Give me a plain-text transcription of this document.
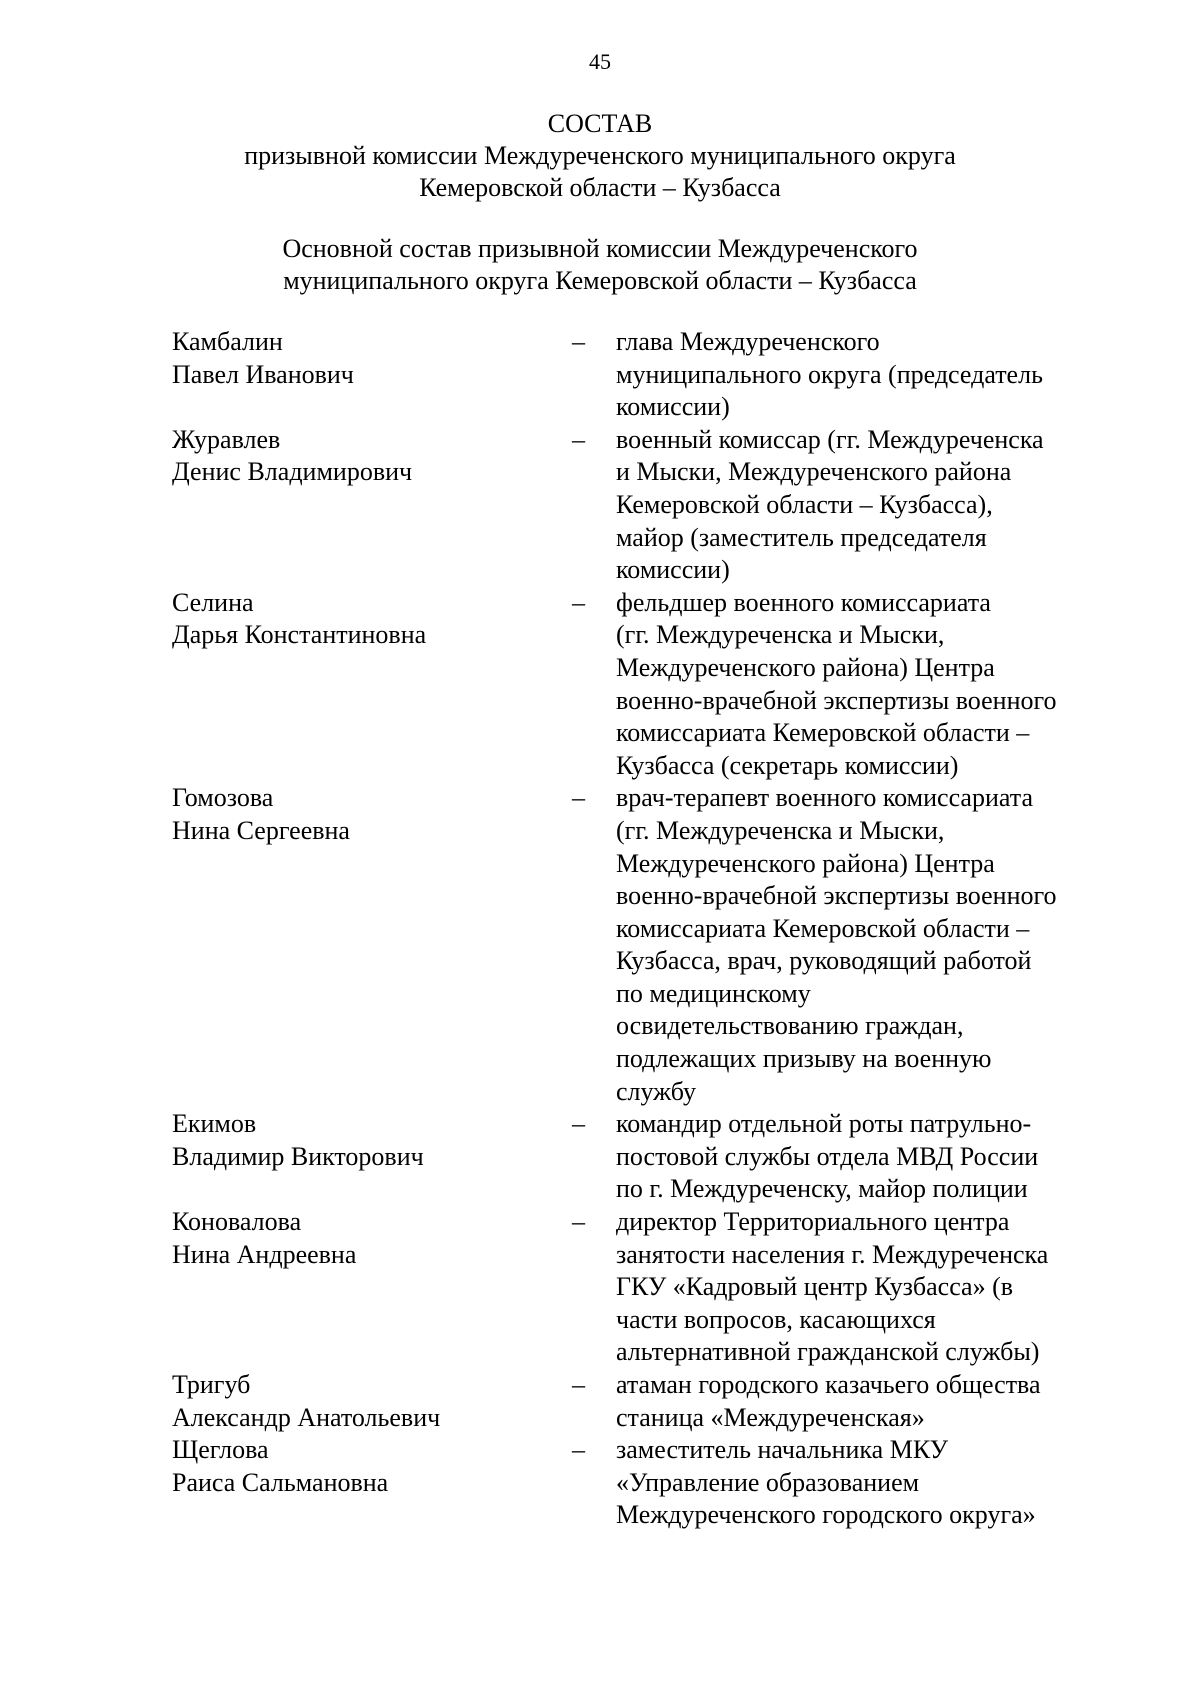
45
СОСТАВ
призывной комиссии Междуреченского муниципального округа
Кемеровской области – Кузбасса
Основной состав призывной комиссии Междуреченского
муниципального округа Кемеровской области – Кузбасса
Камбалин
Павел Иванович
–	глава Междуреченского
муниципального округа (председатель
комиссии)
Журавлев
Денис Владимирович
–	военный комиссар (гг. Междуреченска
и Мыски, Междуреченского района
Кемеровской области – Кузбасса),
майор (заместитель председателя
комиссии)
Селина
Дарья Константиновна
–	фельдшер военного комиссариата
(гг. Междуреченска и Мыски,
Междуреченского района) Центра
военно-врачебной экспертизы военного
комиссариата Кемеровской области –
Кузбасса (секретарь комиссии)
Гомозова
Нина Сергеевна
–	врач-терапевт военного комиссариата
(гг. Междуреченска и Мыски,
Междуреченского района) Центра
военно-врачебной экспертизы военного
комиссариата Кемеровской области –
Кузбасса, врач, руководящий работой
по медицинскому
освидетельствованию граждан,
подлежащих призыву на военную
службу
Екимов
Владимир Викторович
–	командир отдельной роты патрульно-
постовой службы отдела МВД России
по г. Междуреченску, майор полиции
Коновалова
Нина Андреевна
–	директор Территориального центра
занятости населения г. Междуреченска
ГКУ «Кадровый центр Кузбасса» (в
части вопросов, касающихся
альтернативной гражданской службы)
Тригуб
Александр Анатольевич
–	атаман городского казачьего общества
станица «Междуреченская»
Щеглова
Раиса Сальмановна
–	заместитель начальника МКУ
«Управление образованием
Междуреченского городского округа»
